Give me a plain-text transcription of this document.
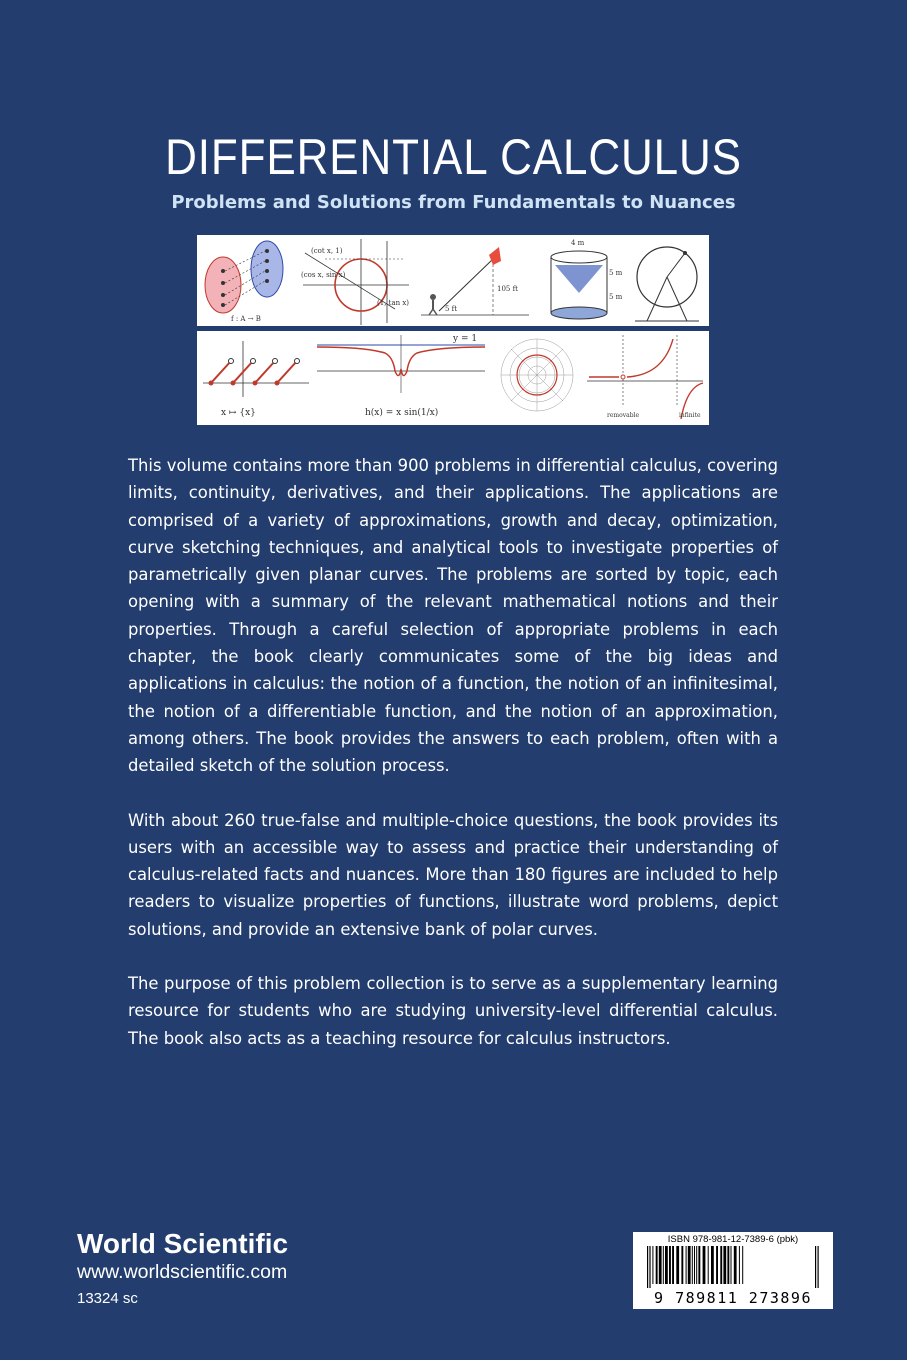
DIFFERENTIAL CALCULUS
Problems and Solutions from Fundamentals to Nuances
f : A → B
(cot x, 1)
(cos x, sin x)
(1, tan x)
105 ft
5 ft
4 m
5 m
5 m
x ↦ {x}
y = 1
h(x) = x sin(1/x)	removable	infinite

This volume contains more than 900 problems in differential calculus, covering limits, continuity, derivatives, and their applications. The applications are comprised of a variety of approximations, growth and decay, optimization, curve sketching techniques, and analytical tools to investigate properties of parametrically given planar curves. The problems are sorted by topic, each opening with a summary of the relevant mathematical notions and their properties. Through a careful selection of appropriate problems in each chapter, the book clearly communicates some of the big ideas and applications in calculus: the notion of a function, the notion of an infinitesimal, the notion of a differentiable function, and the notion of an approximation, among others. The book provides the answers to each problem, often with a detailed sketch of the solution process.

With about 260 true-false and multiple-choice questions, the book provides its users with an accessible way to assess and practice their understanding of calculus-related facts and nuances. More than 180 figures are included to help readers to visualize properties of functions, illustrate word problems, depict solutions, and provide an extensive bank of polar curves.

The purpose of this problem collection is to serve as a supplementary learning resource for students who are studying university-level differential calculus. The book also acts as a teaching resource for calculus instructors.

World Scientific
www.worldscientific.com
13324 sc
ISBN 978-981-12-7389-6 (pbk)
9 789811 273896
